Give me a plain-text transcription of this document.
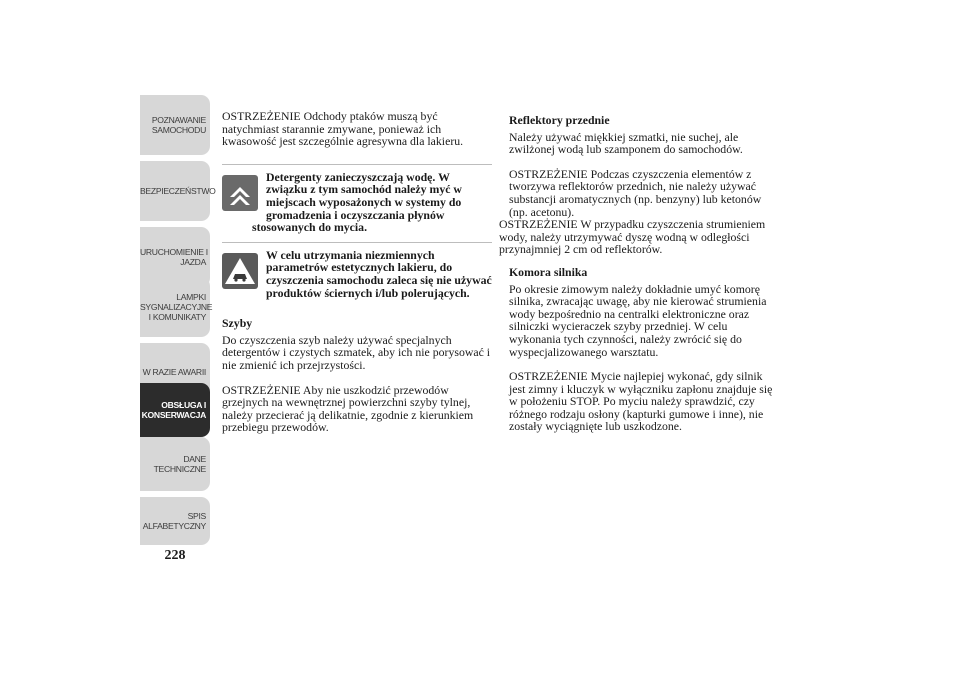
POZNAWANIE
SAMOCHODU
BEZPIECZEŃSTWO
URUCHOMIENIE I
JAZDA
LAMPKI
SYGNALIZACYJNE
I KOMUNIKATY
W RAZIE AWARII
OBSŁUGA I
KONSERWACJA
DANE
TECHNICZNE
SPIS
ALFABETYCZNY
228

OSTRZEŻENIE Odchody ptaków muszą być natychmiast starannie zmywane, ponieważ ich kwasowość jest szczególnie agresywna dla lakieru.

Detergenty zanieczyszczają wodę. W związku z tym samochód należy myć w miejscach wyposażonych w systemy do gromadzenia i oczyszczania płynów stosowanych do mycia.

W celu utrzymania niezmiennych parametrów estetycznych lakieru, do czyszczenia samochodu zaleca się nie używać produktów ściernych i/lub polerujących.

Szyby

Do czyszczenia szyb należy używać specjalnych detergentów i czystych szmatek, aby ich nie porysować i nie zmienić ich przejrzystości.

OSTRZEŻENIE Aby nie uszkodzić przewodów grzejnych na wewnętrznej powierzchni szyby tylnej, należy przecierać ją delikatnie, zgodnie z kierunkiem przebiegu przewodów.

Reflektory przednie

Należy używać miękkiej szmatki, nie suchej, ale zwilżonej wodą lub szamponem do samochodów.

OSTRZEŻENIE Podczas czyszczenia elementów z tworzywa reflektorów przednich, nie należy używać substancji aromatycznych (np. benzyny) lub ketonów (np. acetonu).

OSTRZEŻENIE W przypadku czyszczenia strumieniem wody, należy utrzymywać dyszę wodną w odległości przynajmniej 2 cm od reflektorów.

Komora silnika

Po okresie zimowym należy dokładnie umyć komorę silnika, zwracając uwagę, aby nie kierować strumienia wody bezpośrednio na centralki elektroniczne oraz silniczki wycieraczek szyby przedniej. W celu wykonania tych czynności, należy zwrócić się do wyspecjalizowanego warsztatu.

OSTRZEŻENIE Mycie najlepiej wykonać, gdy silnik jest zimny i kluczyk w wyłączniku zapłonu znajduje się w położeniu STOP. Po myciu należy sprawdzić, czy różnego rodzaju osłony (kapturki gumowe i inne), nie zostały wyciągnięte lub uszkodzone.
